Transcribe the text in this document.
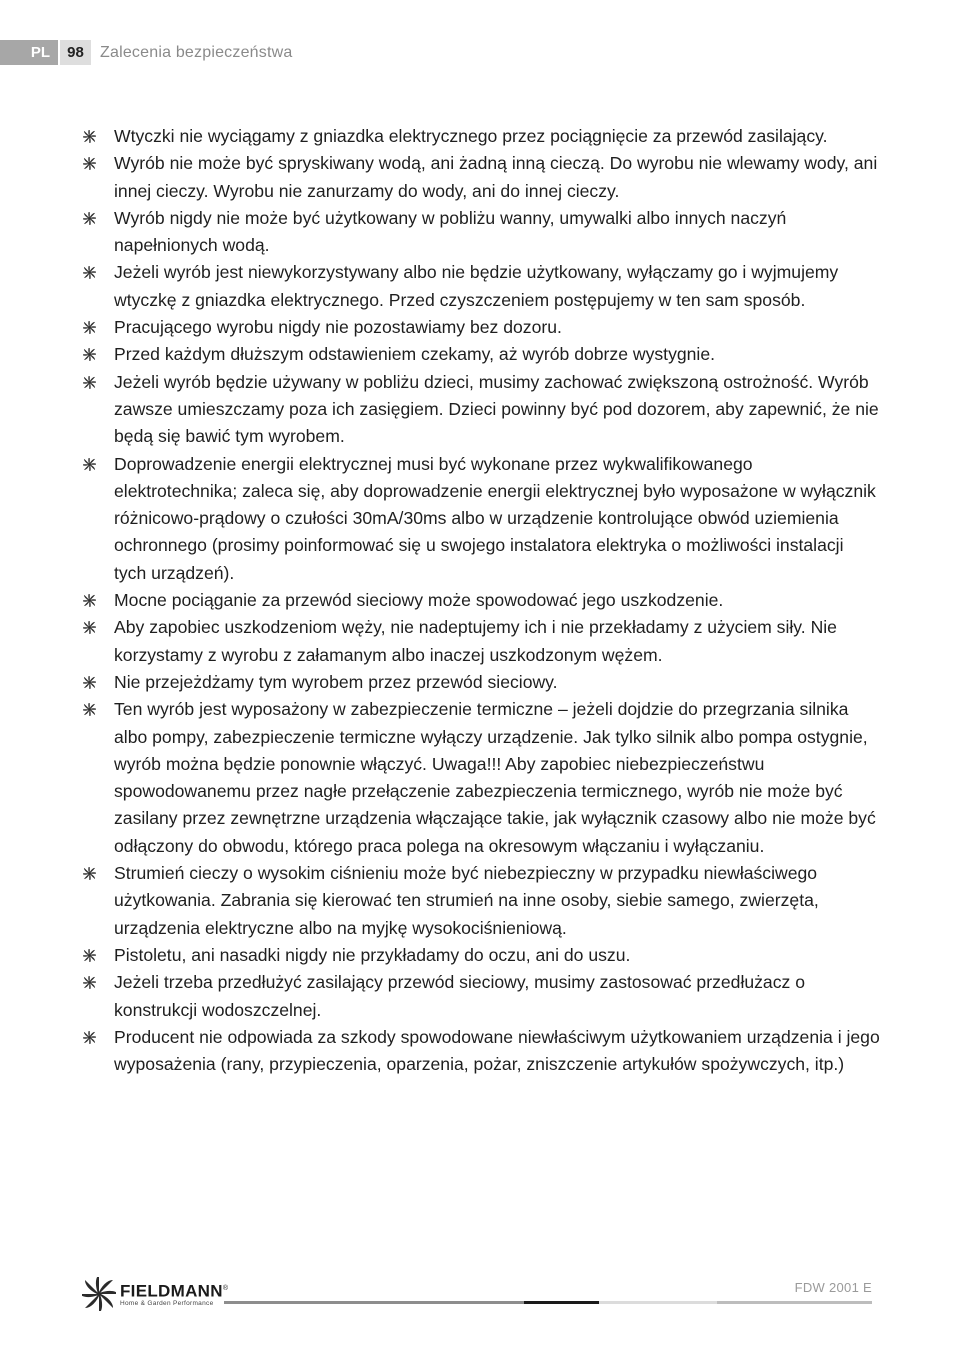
PL	98	Zalecenia bezpieczeństwa
Wtyczki nie wyciągamy z gniazdka elektrycznego przez pociągnięcie za przewód zasilający.
Wyrób nie może być spryskiwany wodą, ani żadną inną cieczą. Do wyrobu nie wlewamy wody, ani innej cieczy. Wyrobu nie zanurzamy do wody, ani do innej cieczy.
Wyrób nigdy nie może być użytkowany w pobliżu wanny, umywalki albo innych naczyń napełnionych wodą.
Jeżeli wyrób jest niewykorzystywany albo nie będzie użytkowany, wyłączamy go i wyjmujemy wtyczkę z gniazdka elektrycznego. Przed czyszczeniem postępujemy w ten sam sposób.
Pracującego wyrobu nigdy nie pozostawiamy bez dozoru.
Przed każdym dłuższym odstawieniem czekamy, aż wyrób dobrze wystygnie.
Jeżeli wyrób będzie używany w pobliżu dzieci, musimy zachować zwiększoną ostrożność. Wyrób zawsze umieszczamy poza ich zasięgiem. Dzieci powinny być pod dozorem, aby zapewnić, że nie będą się bawić tym wyrobem.
Doprowadzenie energii elektrycznej musi być wykonane przez wykwalifikowanego elektrotechnika; zaleca się, aby doprowadzenie energii elektrycznej było wyposażone w wyłącznik różnicowo-prądowy o czułości 30mA/30ms albo w urządzenie kontrolujące obwód uziemienia ochronnego (prosimy poinformować się u swojego instalatora elektryka o możliwości instalacji tych urządzeń).
Mocne pociąganie za przewód sieciowy może spowodować jego uszkodzenie.
Aby zapobiec uszkodzeniom węży, nie nadeptujemy ich i nie przekładamy z użyciem siły. Nie korzystamy z wyrobu z załamanym albo inaczej uszkodzonym wężem.
Nie przejeżdżamy tym wyrobem przez przewód sieciowy.
Ten wyrób jest wyposażony w zabezpieczenie termiczne – jeżeli dojdzie do przegrzania silnika albo pompy, zabezpieczenie termiczne wyłączy urządzenie. Jak tylko silnik albo pompa ostygnie, wyrób można będzie ponownie włączyć. Uwaga!!! Aby zapobiec niebezpieczeństwu spowodowanemu przez nagłe przełączenie zabezpieczenia termicznego, wyrób nie może być zasilany przez zewnętrzne urządzenia włączające takie, jak wyłącznik czasowy albo nie może być odłączony do obwodu, którego praca polega na okresowym włączaniu i wyłączaniu.
Strumień cieczy o wysokim ciśnieniu może być niebezpieczny w przypadku niewłaściwego użytkowania. Zabrania się kierować ten strumień na inne osoby, siebie samego, zwierzęta, urządzenia elektryczne albo na myjkę wysokociśnieniową.
Pistoletu, ani nasadki nigdy nie przykładamy do oczu, ani do uszu.
Jeżeli trzeba przedłużyć zasilający przewód sieciowy, musimy zastosować przedłużacz o konstrukcji wodoszczelnej.
Producent nie odpowiada za szkody spowodowane niewłaściwym użytkowaniem urządzenia i jego wyposażenia (rany, przypieczenia, oparzenia, pożar, zniszczenie artykułów spożywczych, itp.)
FIELDMANN®
Home & Garden Performance
FDW 2001 E
